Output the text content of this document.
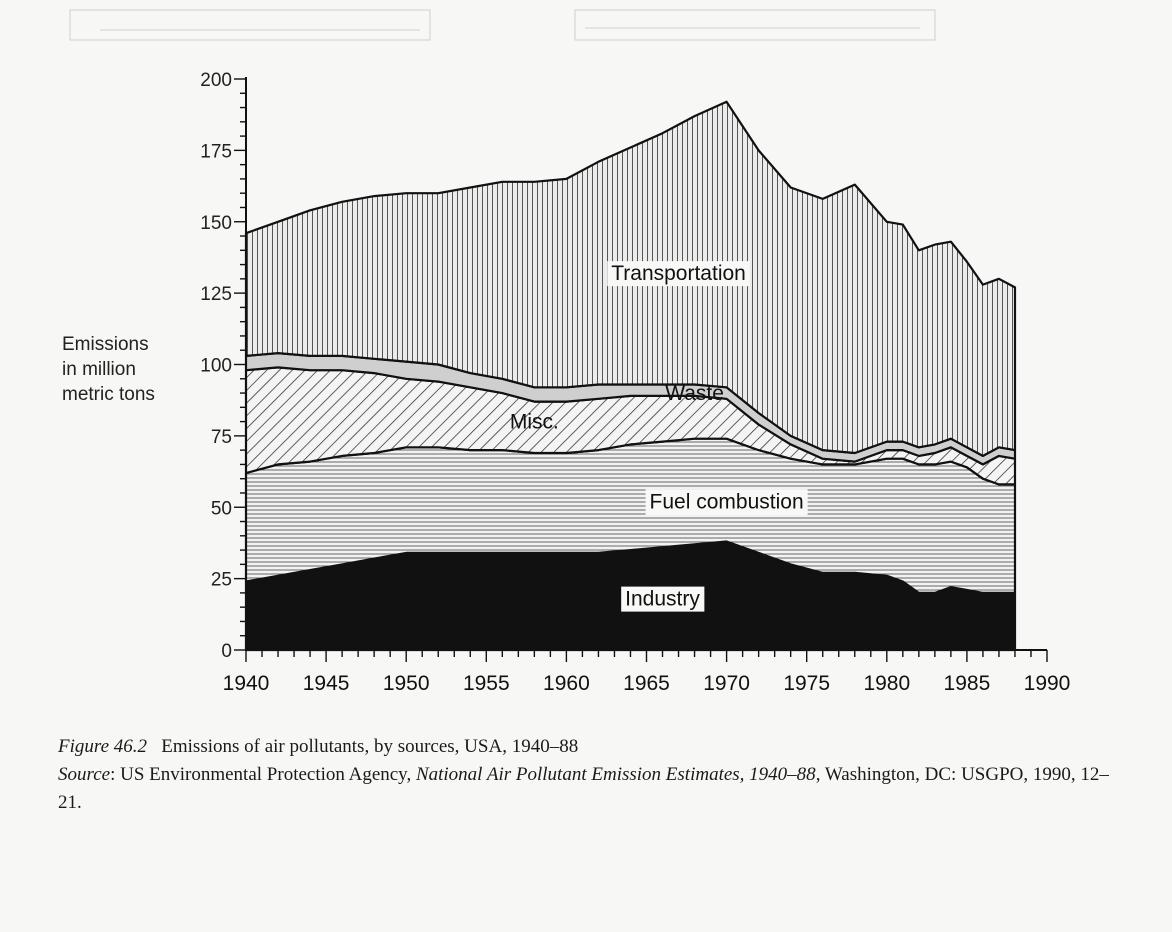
0
25
50
75
100
125
150
175
200
1940 1945 1950 1955 1960 1965 1970 1975 1980 1985 1990
Transportation
Waste
Misc.
Fuel combustion
Industry
Emissions
in million
metric tons
Figure 46.2 Emissions of air pollutants, by sources, USA, 1940–88
Source: US Environmental Protection Agency, National Air Pollutant Emission Estimates, 1940–88, Washington, DC: USGPO, 1990, 12–21.
